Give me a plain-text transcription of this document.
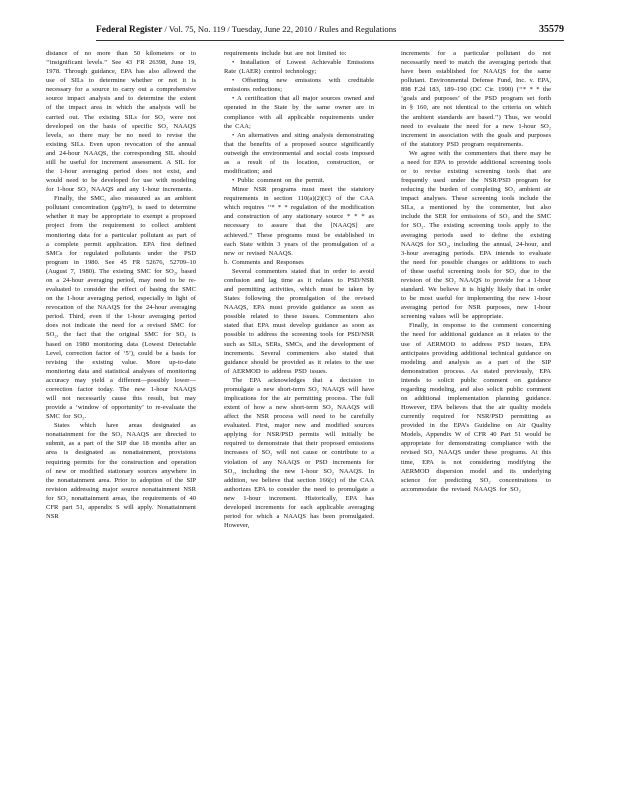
Federal Register / Vol. 75, No. 119 / Tuesday, June 22, 2010 / Rules and Regulations	35579

distance of no more than 50 kilometers or to ‘‘insignificant levels.’’ See 43 FR 26398, June 19, 1978. Through guidance, EPA has also allowed the use of SILs to determine whether or not it is necessary for a source to carry out a comprehensive source impact analysis and to determine the extent of the impact area in which the analysis will be carried out. The existing SILs for SO₂ were not developed on the basis of specific SO₂ NAAQS levels, so there may be no need to revise the existing SILs. Even upon revocation of the annual and 24-hour NAAQS, the corresponding SIL should still be useful for increment assessment. A SIL for the 1-hour averaging period does not exist, and would need to be developed for use with modeling for 1-hour SO₂ NAAQS and any 1-hour increments.

Finally, the SMC, also measured as an ambient pollutant concentration (μg/m³), is used to determine whether it may be appropriate to exempt a proposed project from the requirement to collect ambient monitoring data for a particular pollutant as part of a complete permit application. EPA first defined SMCs for regulated pollutants under the PSD program in 1980. See 45 FR 52676, 52709–10 (August 7, 1980). The existing SMC for SO₂, based on a 24-hour averaging period, may need to be re-evaluated to consider the effect of basing the SMC on the 1-hour averaging period, especially in light of revocation of the NAAQS for the 24-hour averaging period. Third, even if the 1-hour averaging period does not indicate the need for a revised SMC for SO₂, the fact that the original SMC for SO₂ is based on 1980 monitoring data (Lowest Detectable Level, correction factor of ‘5’), could be a basis for revising the existing value. More up-to-date monitoring data and statistical analyses of monitoring accuracy may yield a different—possibly lower—correction factor today. The new 1-hour NAAQS will not necessarily cause this result, but may provide a ‘window of opportunity’ to re-evaluate the SMC for SO₂.

States which have areas designated as nonattainment for the SO₂ NAAQS are directed to submit, as a part of the SIP due 18 months after an area is designated as nonattainment, provisions requiring permits for the construction and operation of new or modified stationary sources anywhere in the nonattainment area. Prior to adoption of the SIP revision addressing major source nonattainment NSR for SO₂ nonattainment areas, the requirements of 40 CFR part 51, appendix S will apply. Nonattainment NSR

requirements include but are not limited to:

• Installation of Lowest Achievable Emissions Rate (LAER) control technology;

• Offsetting new emissions with creditable emissions reductions;

• A certification that all major sources owned and operated in the State by the same owner are in compliance with all applicable requirements under the CAA;

• An alternatives and siting analysis demonstrating that the benefits of a proposed source significantly outweigh the environmental and social costs imposed as a result of its location, construction, or modification; and

• Public comment on the permit.

Minor NSR programs must meet the statutory requirements in section 110(a)(2)(C) of the CAA which requires ‘‘* * * regulation of the modification and construction of any stationary source * * * as necessary to assure that the [NAAQS] are achieved.’’ These programs must be established in each State within 3 years of the promulgation of a new or revised NAAQS.

b. Comments and Responses

Several commenters stated that in order to avoid confusion and lag time as it relates to PSD/NSR and permitting activities, which must be taken by States following the promulgation of the revised NAAQS, EPA must provide guidance as soon as possible related to these issues. Commenters also stated that EPA must develop guidance as soon as possible to address the screening tools for PSD/NSR such as SILs, SERs, SMCs, and the development of increments. Several commenters also stated that guidance should be provided as it relates to the use of AERMOD to address PSD issues.

The EPA acknowledges that a decision to promulgate a new short-term SO₂ NAAQS will have implications for the air permitting process. The full extent of how a new short-term SO₂ NAAQS will affect the NSR process will need to be carefully evaluated. First, major new and modified sources applying for NSR/PSD permits will initially be required to demonstrate that their proposed emissions increases of SO₂ will not cause or contribute to a violation of any NAAQS or PSD increments for SO₂, including the new 1-hour SO₂ NAAQS. In addition, we believe that section 166(c) of the CAA authorizes EPA to consider the need to promulgate a new 1-hour increment. Historically, EPA has developed increments for each applicable averaging period for which a NAAQS has been promulgated. However,

increments for a particular pollutant do not necessarily need to match the averaging periods that have been established for NAAQS for the same pollutant. Environmental Defense Fund, Inc. v. EPA, 898 F.2d 183, 189–190 (DC Cir. 1990) (‘‘* * * the ‘goals and purposes’ of the PSD program set forth in § 160, are not identical to the criteria on which the ambient standards are based.’’) Thus, we would need to evaluate the need for a new 1-hour SO₂ increment in association with the goals and purposes of the statutory PSD program requirements.

We agree with the commenters that there may be a need for EPA to provide additional screening tools or to revise existing screening tools that are frequently used under the NSR/PSD program for reducing the burden of completing SO₂ ambient air impact analyses. These screening tools include the SILs, a mentioned by the commenter, but also include the SER for emissions of SO₂ and the SMC for SO₂. The existing screening tools apply to the averaging periods used to define the existing NAAQS for SO₂, including the annual, 24-hour, and 3-hour averaging periods. EPA intends to evaluate the need for possible changes or additions to each of these useful screening tools for SO₂ due to the revision of the SO₂ NAAQS to provide for a 1-hour standard. We believe it is highly likely that in order to be most useful for implementing the new 1-hour averaging period for NSR purposes, new 1-hour screening values will be appropriate.

Finally, in response to the comment concerning the need for additional guidance as it relates to the use of AERMOD to address PSD issues, EPA anticipates providing additional technical guidance on modeling and analysis as a part of the SIP demonstration process. As stated previously, EPA intends to solicit public comment on guidance regarding modeling, and also solicit public comment on additional implementation planning guidance. However, EPA believes that the air quality models currently required for NSR/PSD permitting as provided in the EPA’s Guideline on Air Quality Models, Appendix W of CFR 40 Part 51 would be appropriate for demonstrating compliance with the revised SO₂ NAAQS under these programs. At this time, EPA is not considering modifying the AERMOD dispersion model and its underlying science for predicting SO₂ concentrations to accommodate the revised NAAQS for SO₂
